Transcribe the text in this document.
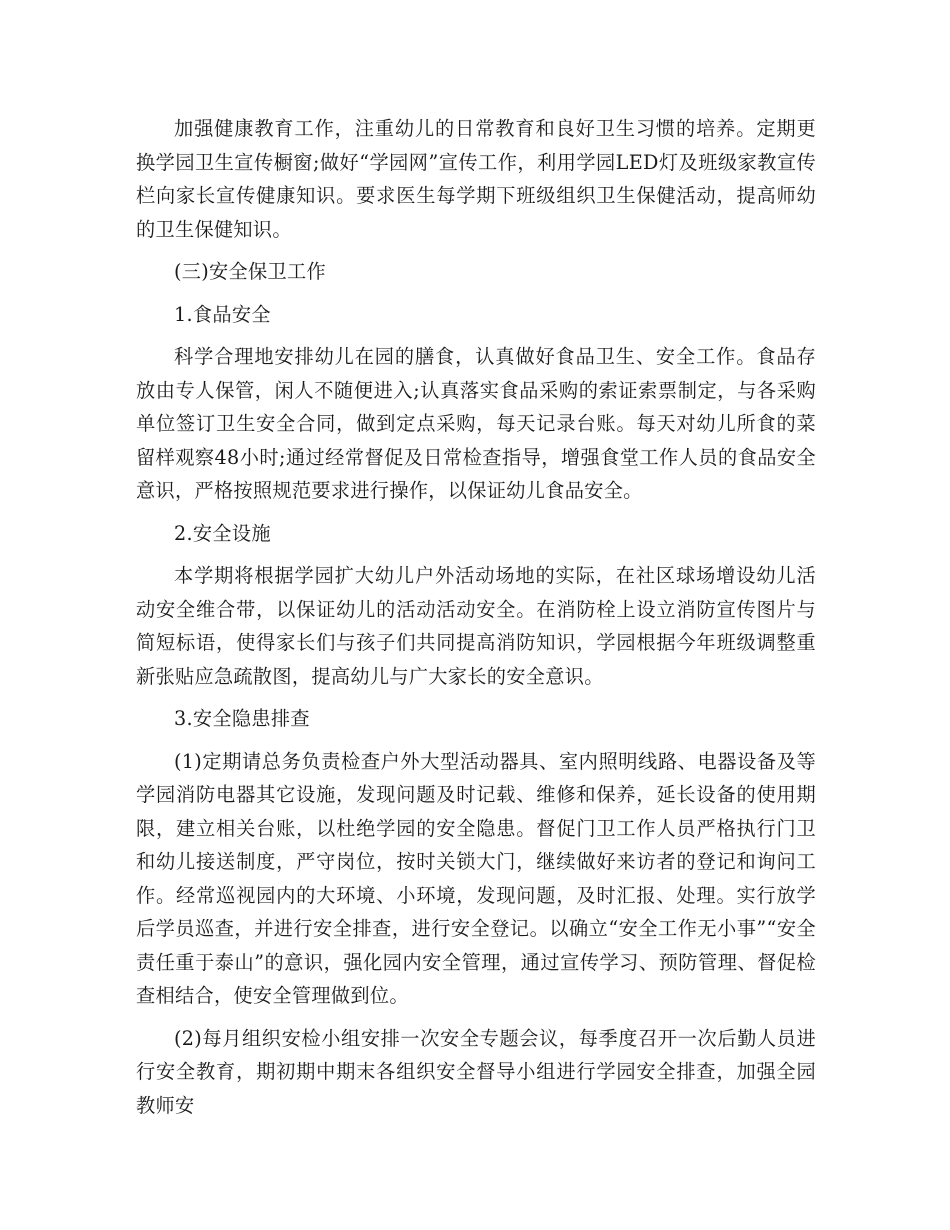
加强健康教育工作，注重幼儿的日常教育和良好卫生习惯的培养。定期更换学园卫生宣传橱窗;做好“学园网”宣传工作，利用学园LED灯及班级家教宣传栏向家长宣传健康知识。要求医生每学期下班级组织卫生保健活动，提高师幼的卫生保健知识。

(三)安全保卫工作

1.食品安全

科学合理地安排幼儿在园的膳食，认真做好食品卫生、安全工作。食品存放由专人保管，闲人不随便进入;认真落实食品采购的索证索票制定，与各采购单位签订卫生安全合同，做到定点采购，每天记录台账。每天对幼儿所食的菜留样观察48小时;通过经常督促及日常检查指导，增强食堂工作人员的食品安全意识，严格按照规范要求进行操作，以保证幼儿食品安全。

2.安全设施

本学期将根据学园扩大幼儿户外活动场地的实际，在社区球场增设幼儿活动安全维合带，以保证幼儿的活动活动安全。在消防栓上设立消防宣传图片与简短标语，使得家长们与孩子们共同提高消防知识，学园根据今年班级调整重新张贴应急疏散图，提高幼儿与广大家长的安全意识。

3.安全隐患排查

(1)定期请总务负责检查户外大型活动器具、室内照明线路、电器设备及等学园消防电器其它设施，发现问题及时记载、维修和保养，延长设备的使用期限，建立相关台账，以杜绝学园的安全隐患。督促门卫工作人员严格执行门卫和幼儿接送制度，严守岗位，按时关锁大门，继续做好来访者的登记和询问工作。经常巡视园内的大环境、小环境，发现问题，及时汇报、处理。实行放学后学员巡查，并进行安全排查，进行安全登记。以确立“安全工作无小事”“安全责任重于泰山”的意识，强化园内安全管理，通过宣传学习、预防管理、督促检查相结合，使安全管理做到位。

(2)每月组织安检小组安排一次安全专题会议，每季度召开一次后勤人员进行安全教育，期初期中期末各组织安全督导小组进行学园安全排查，加强全园教师安
